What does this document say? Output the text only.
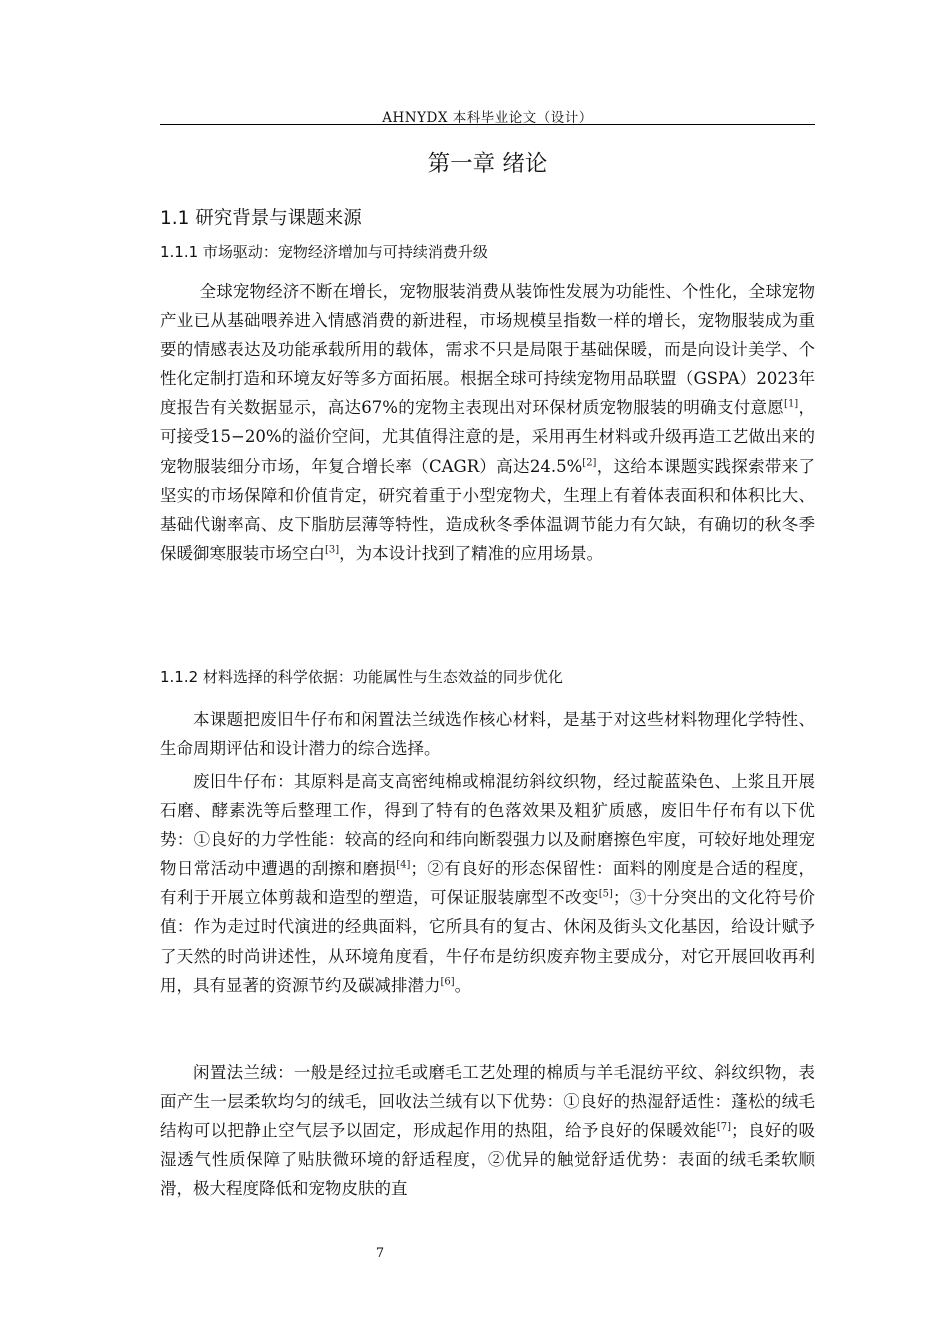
AHNYDX 本科毕业论文（设计）
第一章 绪论
1.1 研究背景与课题来源
1.1.1 市场驱动：宠物经济增加与可持续消费升级

全球宠物经济不断在增长，宠物服装消费从装饰性发展为功能性、个性化，全球宠物产业已从基础喂养进入情感消费的新进程，市场规模呈指数一样的增长，宠物服装成为重要的情感表达及功能承载所用的载体，需求不只是局限于基础保暖，而是向设计美学、个性化定制打造和环境友好等多方面拓展。根据全球可持续宠物用品联盟（GSPA）2023年度报告有关数据显示，高达67%的宠物主表现出对环保材质宠物服装的明确支付意愿[1]，可接受15−20%的溢价空间，尤其值得注意的是，采用再生材料或升级再造工艺做出来的宠物服装细分市场，年复合增长率（CAGR）高达24.5%[2]，这给本课题实践探索带来了坚实的市场保障和价值肯定，研究着重于小型宠物犬，生理上有着体表面积和体积比大、基础代谢率高、皮下脂肪层薄等特性，造成秋冬季体温调节能力有欠缺，有确切的秋冬季保暖御寒服装市场空白[3]，为本设计找到了精准的应用场景。

1.1.2 材料选择的科学依据：功能属性与生态效益的同步优化

本课题把废旧牛仔布和闲置法兰绒选作核心材料，是基于对这些材料物理化学特性、生命周期评估和设计潜力的综合选择。

废旧牛仔布：其原料是高支高密纯棉或棉混纺斜纹织物，经过靛蓝染色、上浆且开展石磨、酵素洗等后整理工作，得到了特有的色落效果及粗犷质感，废旧牛仔布有以下优势：①良好的力学性能：较高的经向和纬向断裂强力以及耐磨擦色牢度，可较好地处理宠物日常活动中遭遇的刮擦和磨损[4]；②有良好的形态保留性：面料的刚度是合适的程度，有利于开展立体剪裁和造型的塑造，可保证服装廓型不改变[5]；③十分突出的文化符号价值：作为走过时代演进的经典面料，它所具有的复古、休闲及街头文化基因，给设计赋予了天然的时尚讲述性，从环境角度看，牛仔布是纺织废弃物主要成分，对它开展回收再利用，具有显著的资源节约及碳减排潜力[6]。

闲置法兰绒：一般是经过拉毛或磨毛工艺处理的棉质与羊毛混纺平纹、斜纹织物，表面产生一层柔软均匀的绒毛，回收法兰绒有以下优势：①良好的热湿舒适性：蓬松的绒毛结构可以把静止空气层予以固定，形成起作用的热阻，给予良好的保暖效能[7]；良好的吸湿透气性质保障了贴肤微环境的舒适程度，②优异的触觉舒适优势：表面的绒毛柔软顺滑，极大程度降低和宠物皮肤的直

7
